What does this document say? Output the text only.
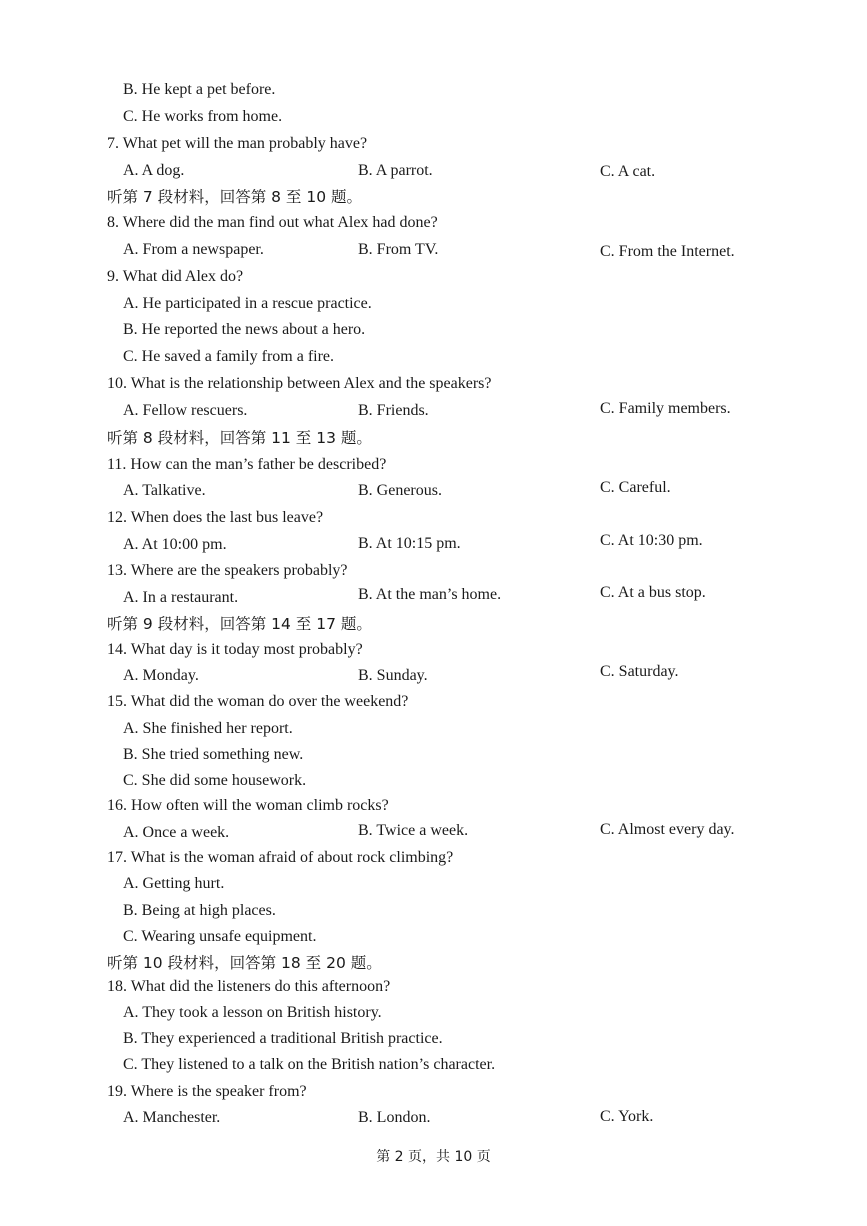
B. He kept a pet before.
C. He works from home.
7. What pet will the man probably have?
A. A dog.	B. A parrot.	C. A cat.
听第 7 段材料，回答第 8 至 10 题。
8. Where did the man find out what Alex had done?
A. From a newspaper.	B. From TV.	C. From the Internet.
9. What did Alex do?
A. He participated in a rescue practice.
B. He reported the news about a hero.
C. He saved a family from a fire.
10. What is the relationship between Alex and the speakers?
A. Fellow rescuers.	B. Friends.	C. Family members.
听第 8 段材料，回答第 11 至 13 题。
11. How can the man’s father be described?
A. Talkative.	B. Generous.	C. Careful.
12. When does the last bus leave?
A. At 10:00 pm.	B. At 10:15 pm.	C. At 10:30 pm.
13. Where are the speakers probably?
A. In a restaurant.	B. At the man’s home.	C. At a bus stop.
听第 9 段材料，回答第 14 至 17 题。
14. What day is it today most probably?
A. Monday.	B. Sunday.	C. Saturday.
15. What did the woman do over the weekend?
A. She finished her report.
B. She tried something new.
C. She did some housework.
16. How often will the woman climb rocks?
A. Once a week.	B. Twice a week.	C. Almost every day.
17. What is the woman afraid of about rock climbing?
A. Getting hurt.
B. Being at high places.
C. Wearing unsafe equipment.
听第 10 段材料，回答第 18 至 20 题。
18. What did the listeners do this afternoon?
A. They took a lesson on British history.
B. They experienced a traditional British practice.
C. They listened to a talk on the British nation’s character.
19. Where is the speaker from?
A. Manchester.	B. London.	C. York.
第 2 页，共 10 页
